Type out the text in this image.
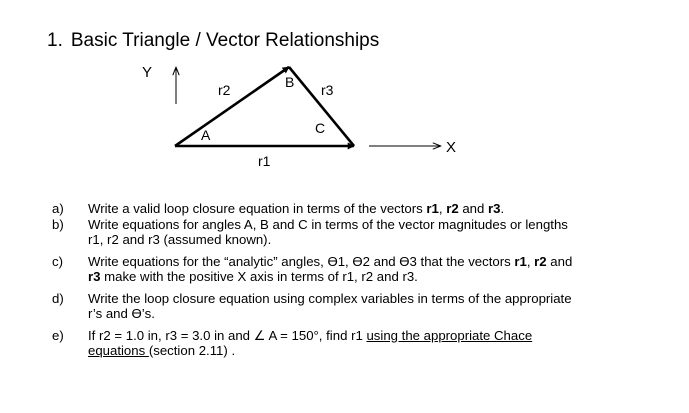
1. Basic Triangle / Vector Relationships
Y
X
r1
r2	r3
A
B
C
a) Write a valid loop closure equation in terms of the vectors r1, r2 and r3.
b) Write equations for angles A, B and C in terms of the vector magnitudes or lengths
r1, r2 and r3 (assumed known).
c) Write equations for the “analytic” angles, ϴ1, ϴ2 and ϴ3 that the vectors r1, r2 and
r3 make with the positive X axis in terms of r1, r2 and r3.
d) Write the loop closure equation using complex variables in terms of the appropriate
r’s and ϴ’s.
e) If r2 = 1.0 in, r3 = 3.0 in and ∠ A = 150°, find r1 using the appropriate Chace
equations (section 2.11) .
